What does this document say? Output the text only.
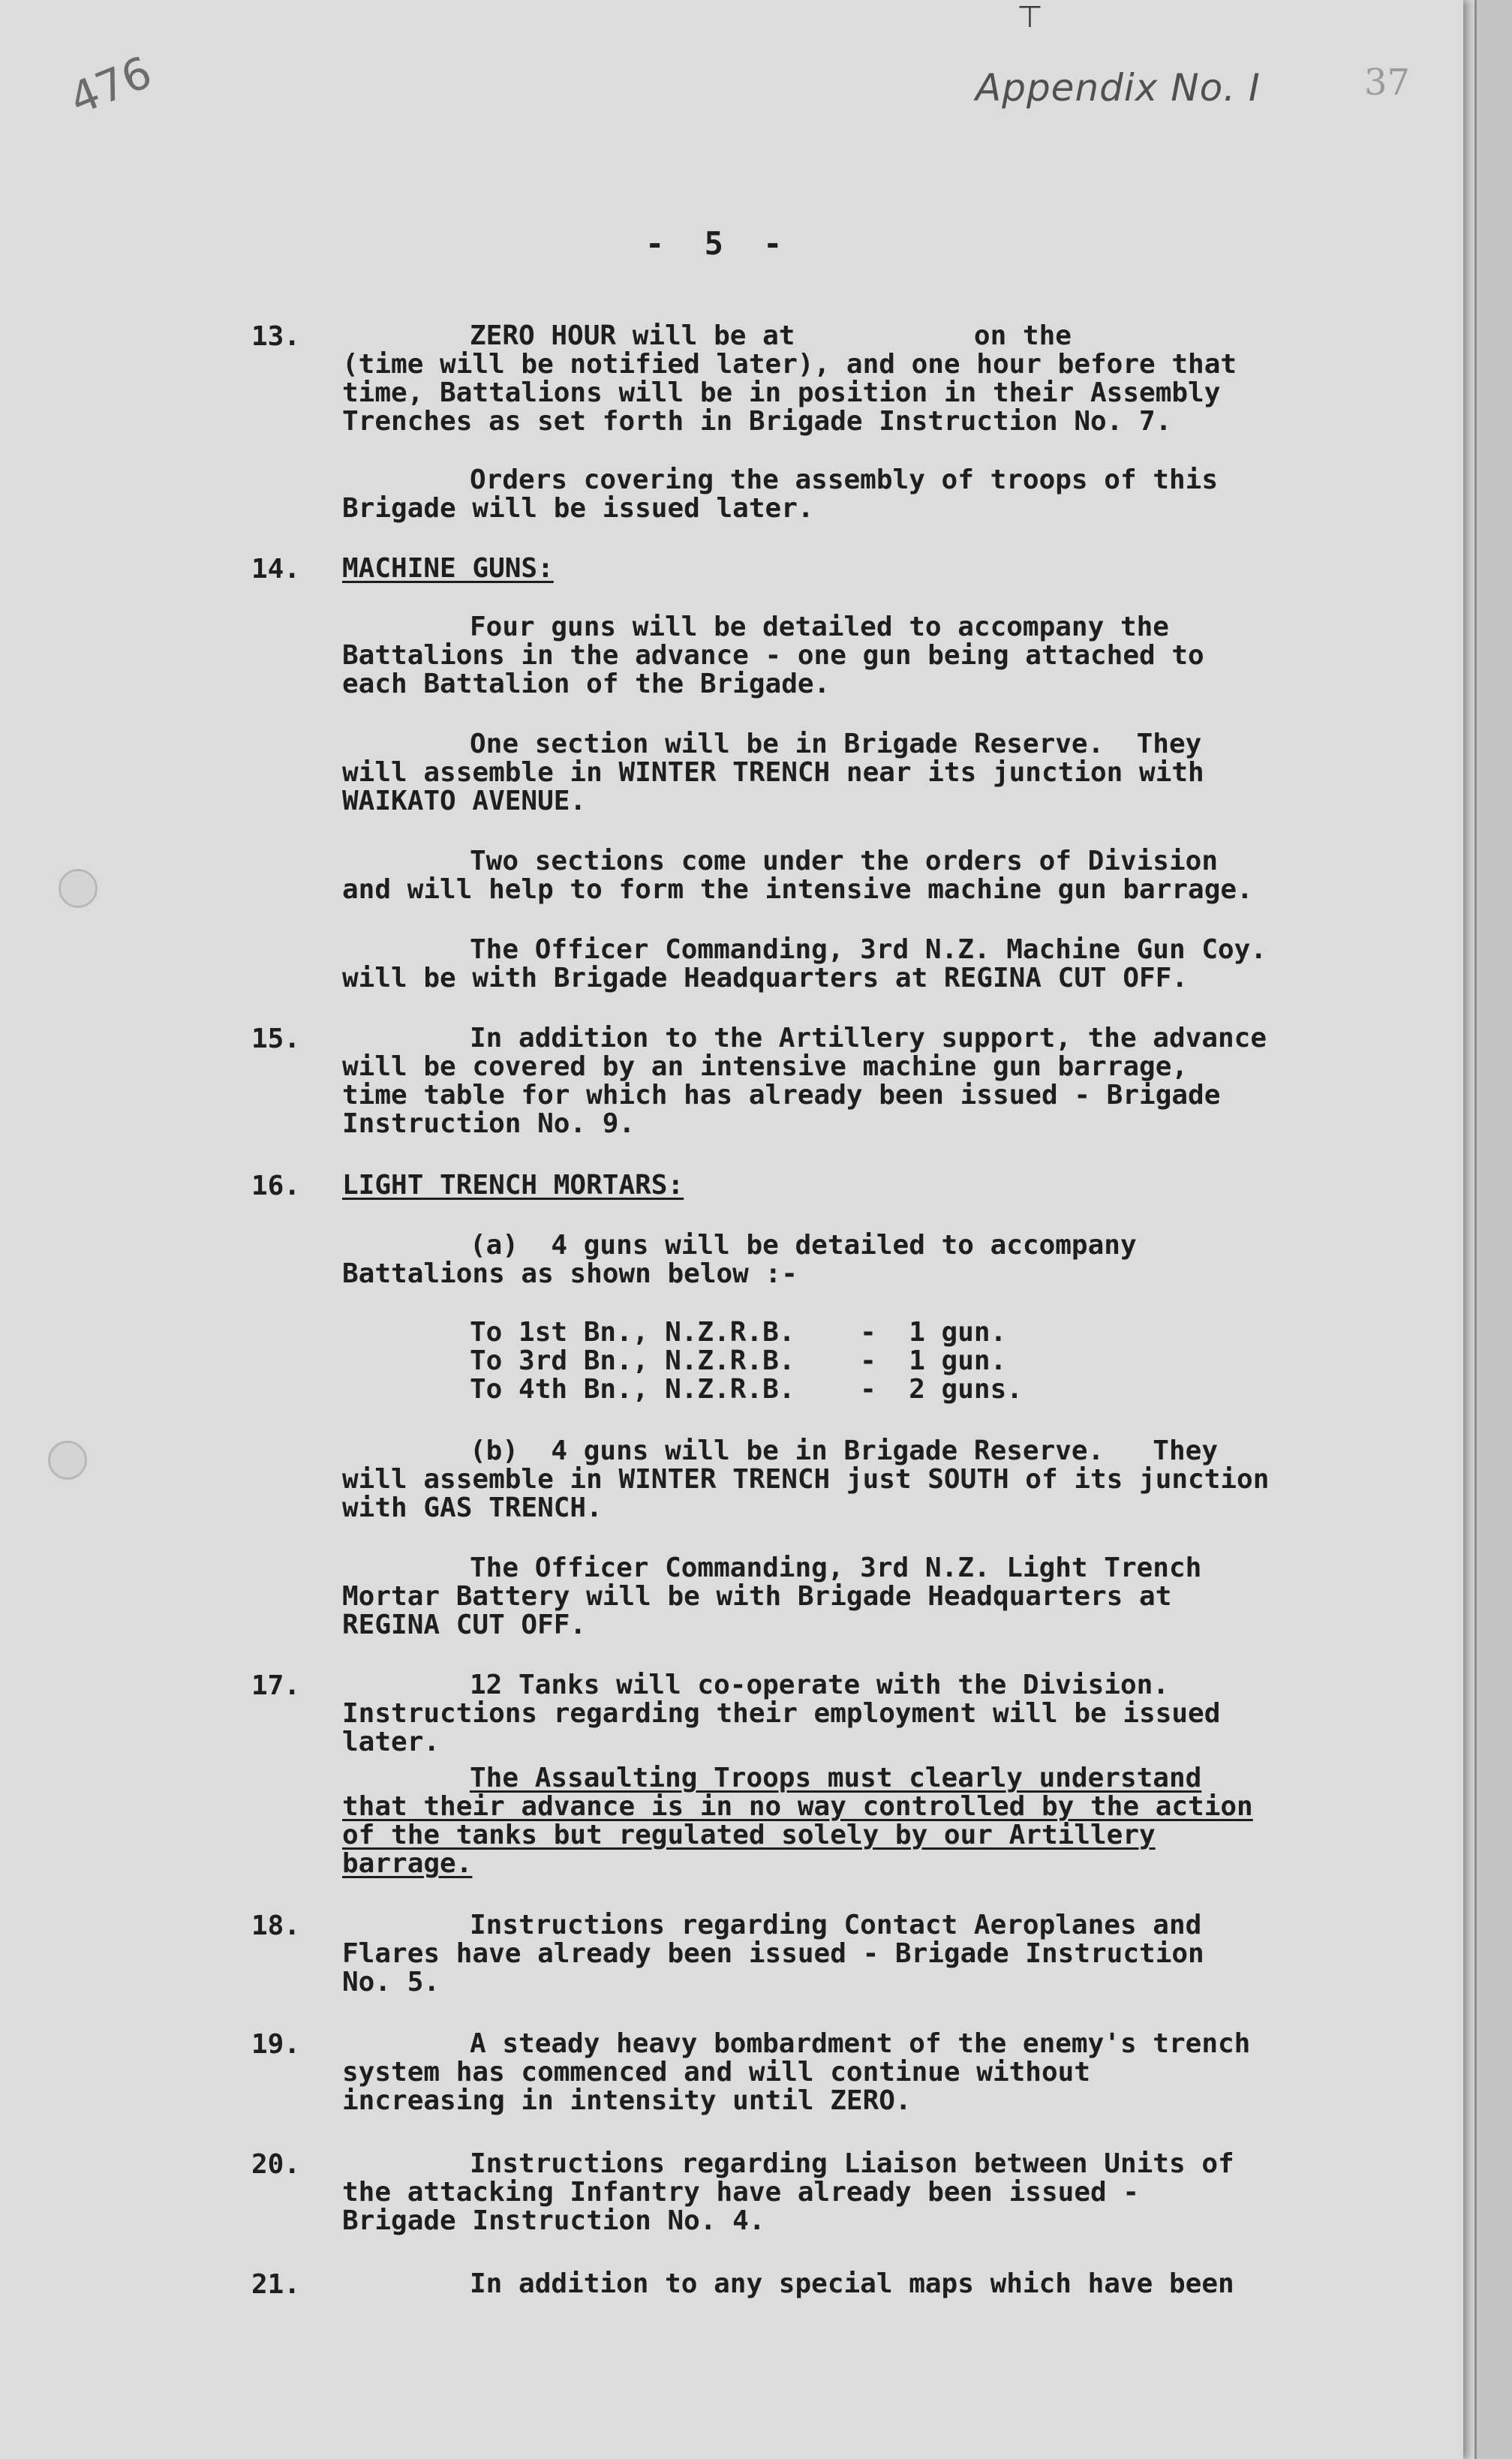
476	Appendix No. I	37
⊤
- 5 -
13.	ZERO HOUR will be at           on the
(time will be notified later), and one hour before that
time, Battalions will be in position in their Assembly
Trenches as set forth in Brigade Instruction No. 7.
Orders covering the assembly of troops of this
Brigade will be issued later.
14. MACHINE GUNS:
Four guns will be detailed to accompany the
Battalions in the advance - one gun being attached to
each Battalion of the Brigade.
One section will be in Brigade Reserve.  They
will assemble in WINTER TRENCH near its junction with
WAIKATO AVENUE.
Two sections come under the orders of Division
and will help to form the intensive machine gun barrage.
The Officer Commanding, 3rd N.Z. Machine Gun Coy.
will be with Brigade Headquarters at REGINA CUT OFF.
15.	In addition to the Artillery support, the advance
will be covered by an intensive machine gun barrage,
time table for which has already been issued - Brigade
Instruction No. 9.
16. LIGHT TRENCH MORTARS:
(a)  4 guns will be detailed to accompany
Battalions as shown below :-
To 1st Bn., N.Z.R.B.    -  1 gun.
To 3rd Bn., N.Z.R.B.    -  1 gun.
To 4th Bn., N.Z.R.B.    -  2 guns.
(b)  4 guns will be in Brigade Reserve.   They
will assemble in WINTER TRENCH just SOUTH of its junction
with GAS TRENCH.
The Officer Commanding, 3rd N.Z. Light Trench
Mortar Battery will be with Brigade Headquarters at
REGINA CUT OFF.
17.	12 Tanks will co-operate with the Division.
Instructions regarding their employment will be issued
later.
The Assaulting Troops must clearly understand
that their advance is in no way controlled by the action
of the tanks but regulated solely by our Artillery
barrage.
18.	Instructions regarding Contact Aeroplanes and
Flares have already been issued - Brigade Instruction
No. 5.
19.	A steady heavy bombardment of the enemy's trench
system has commenced and will continue without
increasing in intensity until ZERO.
20.	Instructions regarding Liaison between Units of
the attacking Infantry have already been issued -
Brigade Instruction No. 4.
21.	In addition to any special maps which have been
